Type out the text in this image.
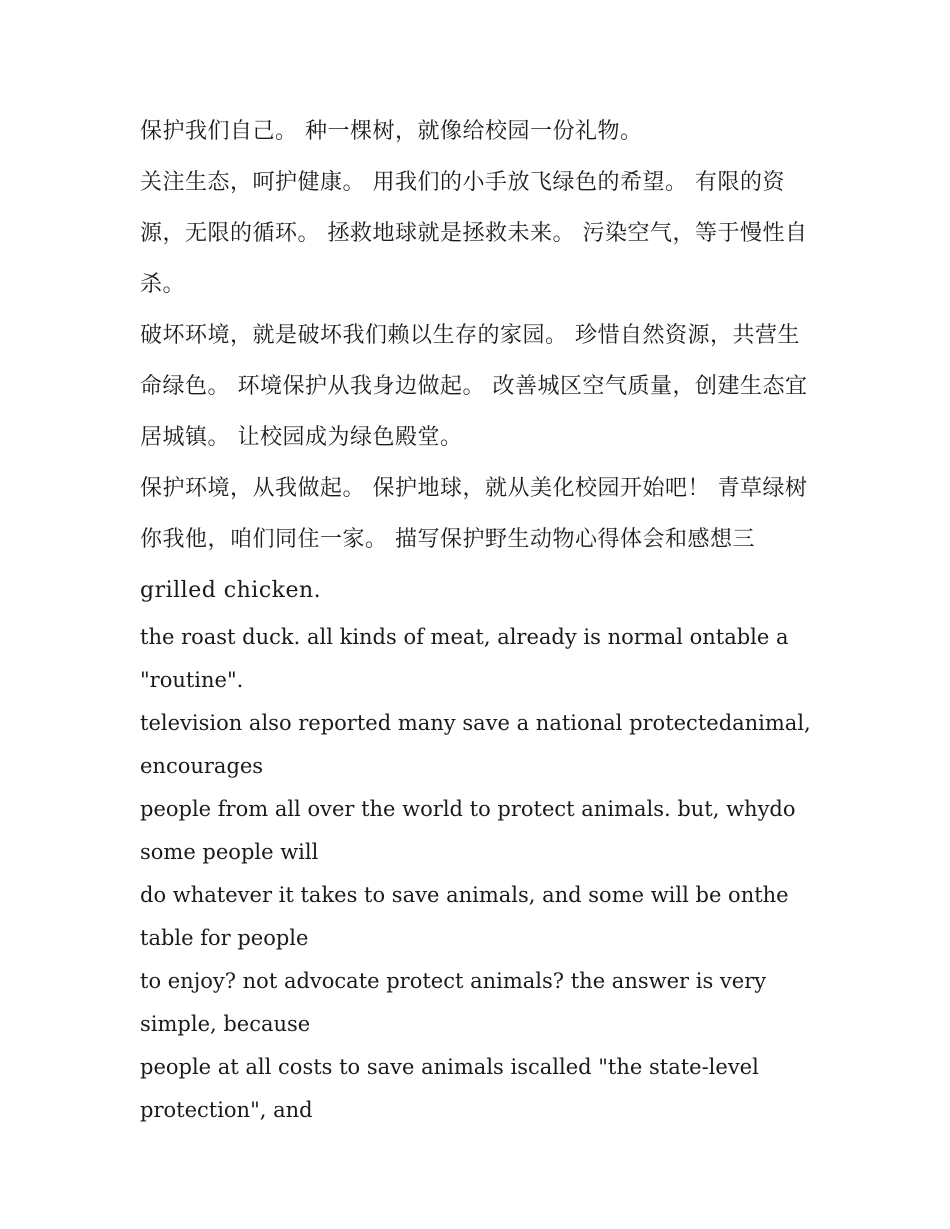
保护我们自己。 种一棵树，就像给校园一份礼物。

关注生态，呵护健康。 用我们的小手放飞绿色的希望。 有限的资源，无限的循环。 拯救地球就是拯救未来。 污染空气，等于慢性自杀。

破坏环境，就是破坏我们赖以生存的家园。 珍惜自然资源，共营生命绿色。 环境保护从我身边做起。 改善城区空气质量，创建生态宜居城镇。 让校园成为绿色殿堂。

保护环境，从我做起。 保护地球，就从美化校园开始吧！ 青草绿树你我他，咱们同住一家。 描写保护野生动物心得体会和感想三 grilled chicken.

the roast duck. all kinds of meat, already is normal ontable a "routine".

television also reported many save a national protectedanimal, encourages

people from all over the world to protect animals. but, whydo some people will

do whatever it takes to save animals, and some will be onthe table for people

to enjoy? not advocate protect animals? the answer is very simple, because

people at all costs to save animals iscalled "the state-level protection", and
